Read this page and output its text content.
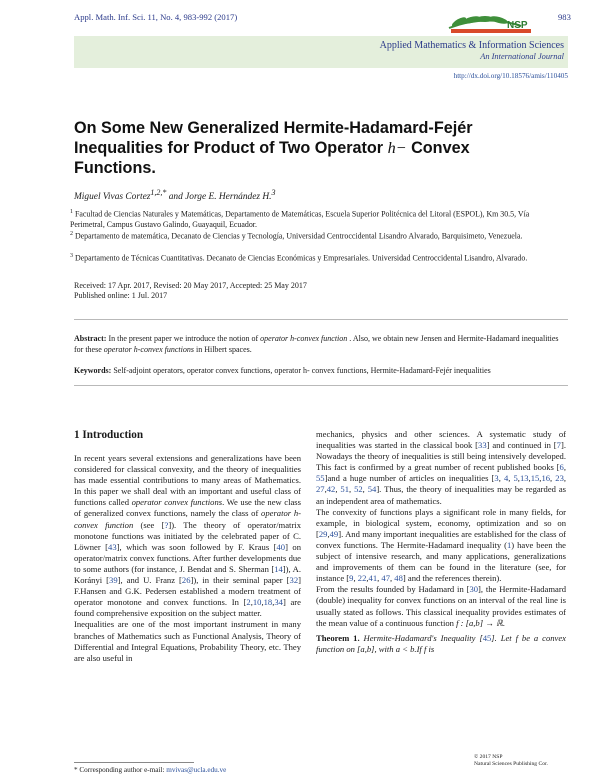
Appl. Math. Inf. Sci. 11, No. 4, 983-992 (2017)	983
NSP
Applied Mathematics & Information Sciences
An International Journal
http://dx.doi.org/10.18576/amis/110405
On Some New Generalized Hermite-Hadamard-Fejér Inequalities for Product of Two Operator h− Convex Functions.
Miguel Vivas Cortez$^{1,2,*}$ and Jorge E. Hernández H.$^3$
$^1$ Facultad de Ciencias Naturales y Matemáticas, Departamento de Matemáticas, Escuela Superior Politécnica del Litoral (ESPOL), Km 30.5, Vía Perimetral, Campus Gustavo Galindo, Guayaquil, Ecuador.
$^2$ Departamento de matemática, Decanato de Ciencias y Tecnología, Universidad Centroccidental Lisandro Alvarado, Barquisimeto, Venezuela.
$^3$ Departamento de Técnicas Cuantitativas. Decanato de Ciencias Económicas y Empresariales. Universidad Centroccidental Lisandro, Alvarado.
Received: 17 Apr. 2017, Revised: 20 May 2017, Accepted: 25 May 2017
Published online: 1 Jul. 2017
Abstract: In the present paper we introduce the notion of operator h-convex function . Also, we obtain new Jensen and Hermite-Hadamard inequalities for these operator h-convex functions in Hilbert spaces.
Keywords: Self-adjoint operators, operator convex functions, operator h- convex functions, Hermite-Hadamard-Fejér inequalities
1 Introduction

In recent years several extensions and generalizations have been considered for classical convexity, and the theory of inequalities has made essential contributions to many areas of Mathematics. In this paper we shall deal with an important and useful class of functions called operator convex functions. We use the new class of generalized convex functions, namely the class of operator h-convex function (see [?]). The theory of operator/matrix monotone functions was initiated by the celebrated paper of C. Löwner [43], which was soon followed by F. Kraus [40] on operator/matrix convex functions. After further developments due to some authors (for instance, J. Bendat and S. Sherman [14]), A. Korányi [39], and U. Franz [26]), in their seminal paper [32] F.Hansen and G.K. Pedersen established a modern treatment of operator monotone and convex functions. In [2,10,18,34] are found comprehensive exposition on the subject matter.

Inequalities are one of the most important instrument in many branches of Mathematics such as Functional Analysis, Theory of Differential and Integral Equations, Probability Theory, etc. They are also useful in

mechanics, physics and other sciences. A systematic study of inequalities was started in the classical book [33] and continued in [7]. Nowadays the theory of inequalities is still being intensively developed. This fact is confirmed by a great number of recent published books [6, 55]and a huge number of articles on inequalities [3, 4, 5,13,15,16, 23, 27,42, 51, 52, 54]. Thus, the theory of inequalities may be regarded as an independent area of mathematics.

The convexity of functions plays a significant role in many fields, for example, in biological system, economy, optimization and so on [29,49]. And many important inequalities are established for the class of convex functions. The Hermite-Hadamard inequality (1) have been the subject of intensive research, and many applications, generalizations and improvements of them can be found in the literature (see, for instance [9, 22,41, 47, 48] and the references therein).

From the results founded by Hadamard in [30], the Hermite-Hadamard (double) inequality for convex functions on an interval of the real line is usually stated as follows. This classical inequality provides estimates of the mean value of a continuous function f : [a,b] → ℝ.

Theorem 1. Hermite-Hadamard's Inequality [45]. Let f be a convex function on [a,b], with a < b.If f is

* Corresponding author e-mail: mvivas@ucla.edu.ve
© 2017 NSP
Natural Sciences Publishing Cor.
